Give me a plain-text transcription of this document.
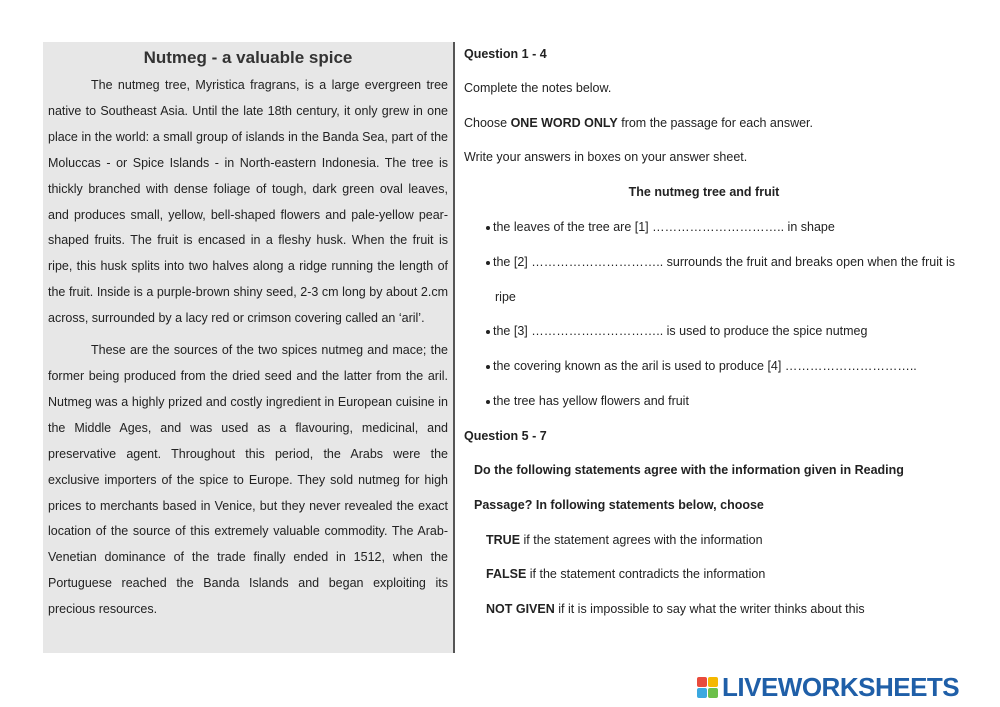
Nutmeg - a valuable spice

The nutmeg tree, Myristica fragrans, is a large evergreen tree native to Southeast Asia. Until the late 18th century, it only grew in one place in the world: a small group of islands in the Banda Sea, part of the Moluccas - or Spice Islands - in North-eastern Indonesia. The tree is thickly branched with dense foliage of tough, dark green oval leaves, and produces small, yellow, bell-shaped flowers and pale-yellow pear-shaped fruits. The fruit is encased in a fleshy husk. When the fruit is ripe, this husk splits into two halves along a ridge running the length of the fruit. Inside is a purple-brown shiny seed, 2-3 cm long by about 2.cm across, surrounded by a lacy red or crimson covering called an ‘aril’.

These are the sources of the two spices nutmeg and mace; the former being produced from the dried seed and the latter from the aril. Nutmeg was a highly prized and costly ingredient in European cuisine in the Middle Ages, and was used as a flavouring, medicinal, and preservative agent. Throughout this period, the Arabs were the exclusive importers of the spice to Europe. They sold nutmeg for high prices to merchants based in Venice, but they never revealed the exact location of the source of this extremely valuable commodity. The Arab- Venetian dominance of the trade finally ended in 1512, when the Portuguese reached the Banda Islands and began exploiting its precious resources.

Question 1 - 4
Complete the notes below.
Choose ONE WORD ONLY from the passage for each answer.
Write your answers in boxes on your answer sheet.
The nutmeg tree and fruit
the leaves of the tree are [1] ………………………….. in shape
the [2] ………………………….. surrounds the fruit and breaks open when the fruit is
ripe
the [3] ………………………….. is used to produce the spice nutmeg
the covering known as the aril is used to produce [4] …………………………..
the tree has yellow flowers and fruit
Question 5 - 7
Do the following statements agree with the information given in Reading
Passage? In following statements below, choose
TRUE if the statement agrees with the information
FALSE if the statement contradicts the information
NOT GIVEN if it is impossible to say what the writer thinks about this
LIVEWORKSHEETS
